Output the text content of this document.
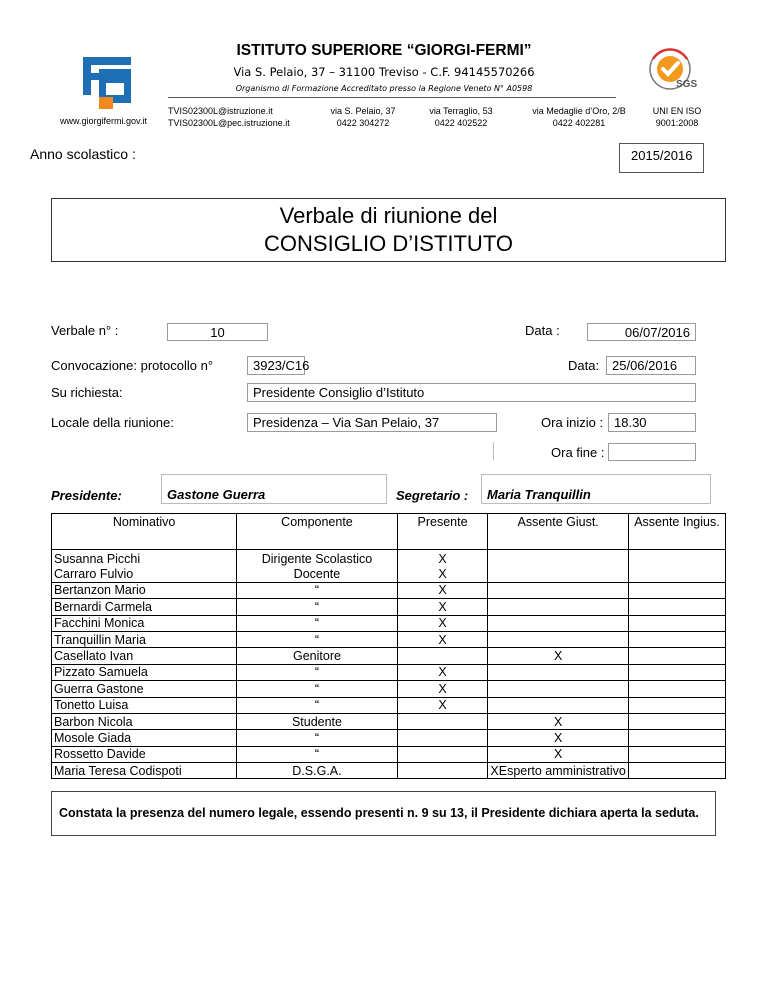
ISTITUTO SUPERIORE “GIORGI-FERMI”
Via S. Pelaio, 37 – 31100 Treviso - C.F. 94145570266
Organismo di Formazione Accreditato presso la Regione Veneto N° A0598	SGS
www.giorgifermi.gov.it
TVIS02300L@istruzione.it
TVIS02300L@pec.istruzione.it
via S. Pelaio, 37
0422 304272
via Terraglio, 53
0422 402522
via Medaglie d’Oro, 2/B
0422 402281
UNI EN ISO
9001:2008
Anno scolastico :	2015/2016
Verbale di riunione del
CONSIGLIO D’ISTITUTO
Verbale n° :	10	Data :	06/07/2016
Convocazione: protocollo n°	3923/C16	Data: 25/06/2016
Su richiesta:	Presidente Consiglio d’Istituto
Locale della riunione:	Presidenza – Via San Pelaio, 37	Ora inizio : 18.30
Ora fine :
Presidente:	Gastone Guerra	Segretario :	Maria Tranquillin
Nominativo	Componente	Presente	Assente Giust.	Assente Ingius.
Susanna Picchi	Dirigente Scolastico	X		
Carraro Fulvio	Docente	X		
Bertanzon Mario	“	X		
Bernardi Carmela	“	X		
Facchini Monica	“	X		
Tranquillin Maria	“	X		
Casellato Ivan	Genitore		X	
Pizzato Samuela	“	X		
Guerra Gastone	“	X		
Tonetto Luisa	“	X		
Barbon Nicola	Studente		X	
Mosole Giada	“		X	
Rossetto Davide	“		X	
Maria Teresa Codispoti	D.S.G.A.		XEsperto amministrativo	
Constata la presenza del numero legale, essendo presenti n. 9 su 13, il Presidente dichiara aperta la seduta.
